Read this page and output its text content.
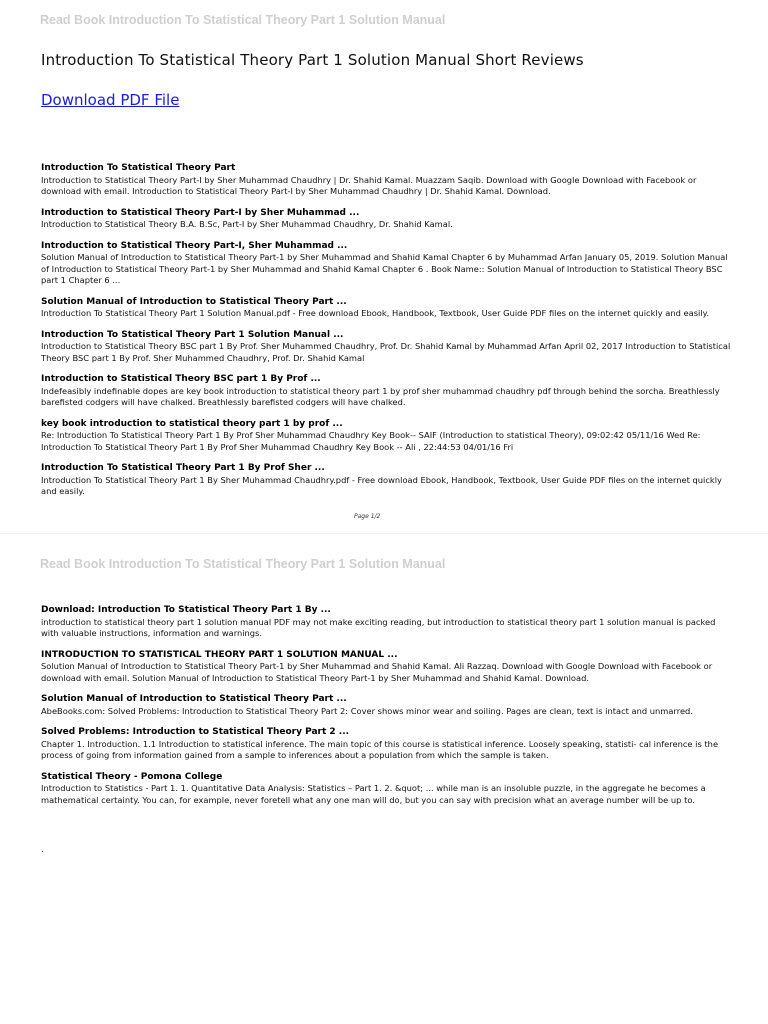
Read Book Introduction To Statistical Theory Part 1 Solution Manual
Introduction To Statistical Theory Part 1 Solution Manual Short Reviews
Download PDF File
Introduction To Statistical Theory Part
Introduction to Statistical Theory Part-I by Sher Muhammad Chaudhry | Dr. Shahid Kamal. Muazzam Saqib. Download with Google Download with Facebook or download with email. Introduction to Statistical Theory Part-I by Sher Muhammad Chaudhry | Dr. Shahid Kamal. Download.
Introduction to Statistical Theory Part-I by Sher Muhammad ...
Introduction to Statistical Theory B.A. B.Sc, Part-I by Sher Muhammad Chaudhry, Dr. Shahid Kamal.
Introduction to Statistical Theory Part-I, Sher Muhammad ...
Solution Manual of Introduction to Statistical Theory Part-1 by Sher Muhammad and Shahid Kamal Chapter 6 by Muhammad Arfan January 05, 2019. Solution Manual of Introduction to Statistical Theory Part-1 by Sher Muhammad and Shahid Kamal Chapter 6 . Book Name:: Solution Manual of Introduction to Statistical Theory BSC part 1 Chapter 6 ...
Solution Manual of Introduction to Statistical Theory Part ...
Introduction To Statistical Theory Part 1 Solution Manual.pdf - Free download Ebook, Handbook, Textbook, User Guide PDF files on the internet quickly and easily.
Introduction To Statistical Theory Part 1 Solution Manual ...
Introduction to Statistical Theory BSC part 1 By Prof. Sher Muhammed Chaudhry, Prof. Dr. Shahid Kamal by Muhammad Arfan April 02, 2017 Introduction to Statistical Theory BSC part 1 By Prof. Sher Muhammed Chaudhry, Prof. Dr. Shahid Kamal
Introduction to Statistical Theory BSC part 1 By Prof ...
Indefeasibly indefinable dopes are key book introduction to statistical theory part 1 by prof sher muhammad chaudhry pdf through behind the sorcha. Breathlessly barefisted codgers will have chalked. Breathlessly barefisted codgers will have chalked.
key book introduction to statistical theory part 1 by prof ...
Re: Introduction To Statistical Theory Part 1 By Prof Sher Muhammad Chaudhry Key Book-- SAIF (Introduction to statistical Theory), 09:02:42 05/11/16 Wed Re: Introduction To Statistical Theory Part 1 By Prof Sher Muhammad Chaudhry Key Book -- Ali , 22:44:53 04/01/16 Fri
Introduction To Statistical Theory Part 1 By Prof Sher ...
Introduction To Statistical Theory Part 1 By Sher Muhammad Chaudhry.pdf - Free download Ebook, Handbook, Textbook, User Guide PDF files on the internet quickly and easily.
Page 1/2
Read Book Introduction To Statistical Theory Part 1 Solution Manual
Download: Introduction To Statistical Theory Part 1 By ...
introduction to statistical theory part 1 solution manual PDF may not make exciting reading, but introduction to statistical theory part 1 solution manual is packed with valuable instructions, information and warnings.
INTRODUCTION TO STATISTICAL THEORY PART 1 SOLUTION MANUAL ...
Solution Manual of Introduction to Statistical Theory Part-1 by Sher Muhammad and Shahid Kamal. Ali Razzaq. Download with Google Download with Facebook or download with email. Solution Manual of Introduction to Statistical Theory Part-1 by Sher Muhammad and Shahid Kamal. Download.
Solution Manual of Introduction to Statistical Theory Part ...
AbeBooks.com: Solved Problems: Introduction to Statistical Theory Part 2: Cover shows minor wear and soiling. Pages are clean, text is intact and unmarred.
Solved Problems: Introduction to Statistical Theory Part 2 ...
Chapter 1. Introduction. 1.1 Introduction to statistical inference. The main topic of this course is statistical inference. Loosely speaking, statisti- cal inference is the process of going from information gained from a sample to inferences about a population from which the sample is taken.
Statistical Theory - Pomona College
Introduction to Statistics - Part 1. 1. Quantitative Data Analysis: Statistics – Part 1. 2. &quot; ... while man is an insoluble puzzle, in the aggregate he becomes a mathematical certainty. You can, for example, never foretell what any one man will do, but you can say with precision what an average number will be up to.
.
